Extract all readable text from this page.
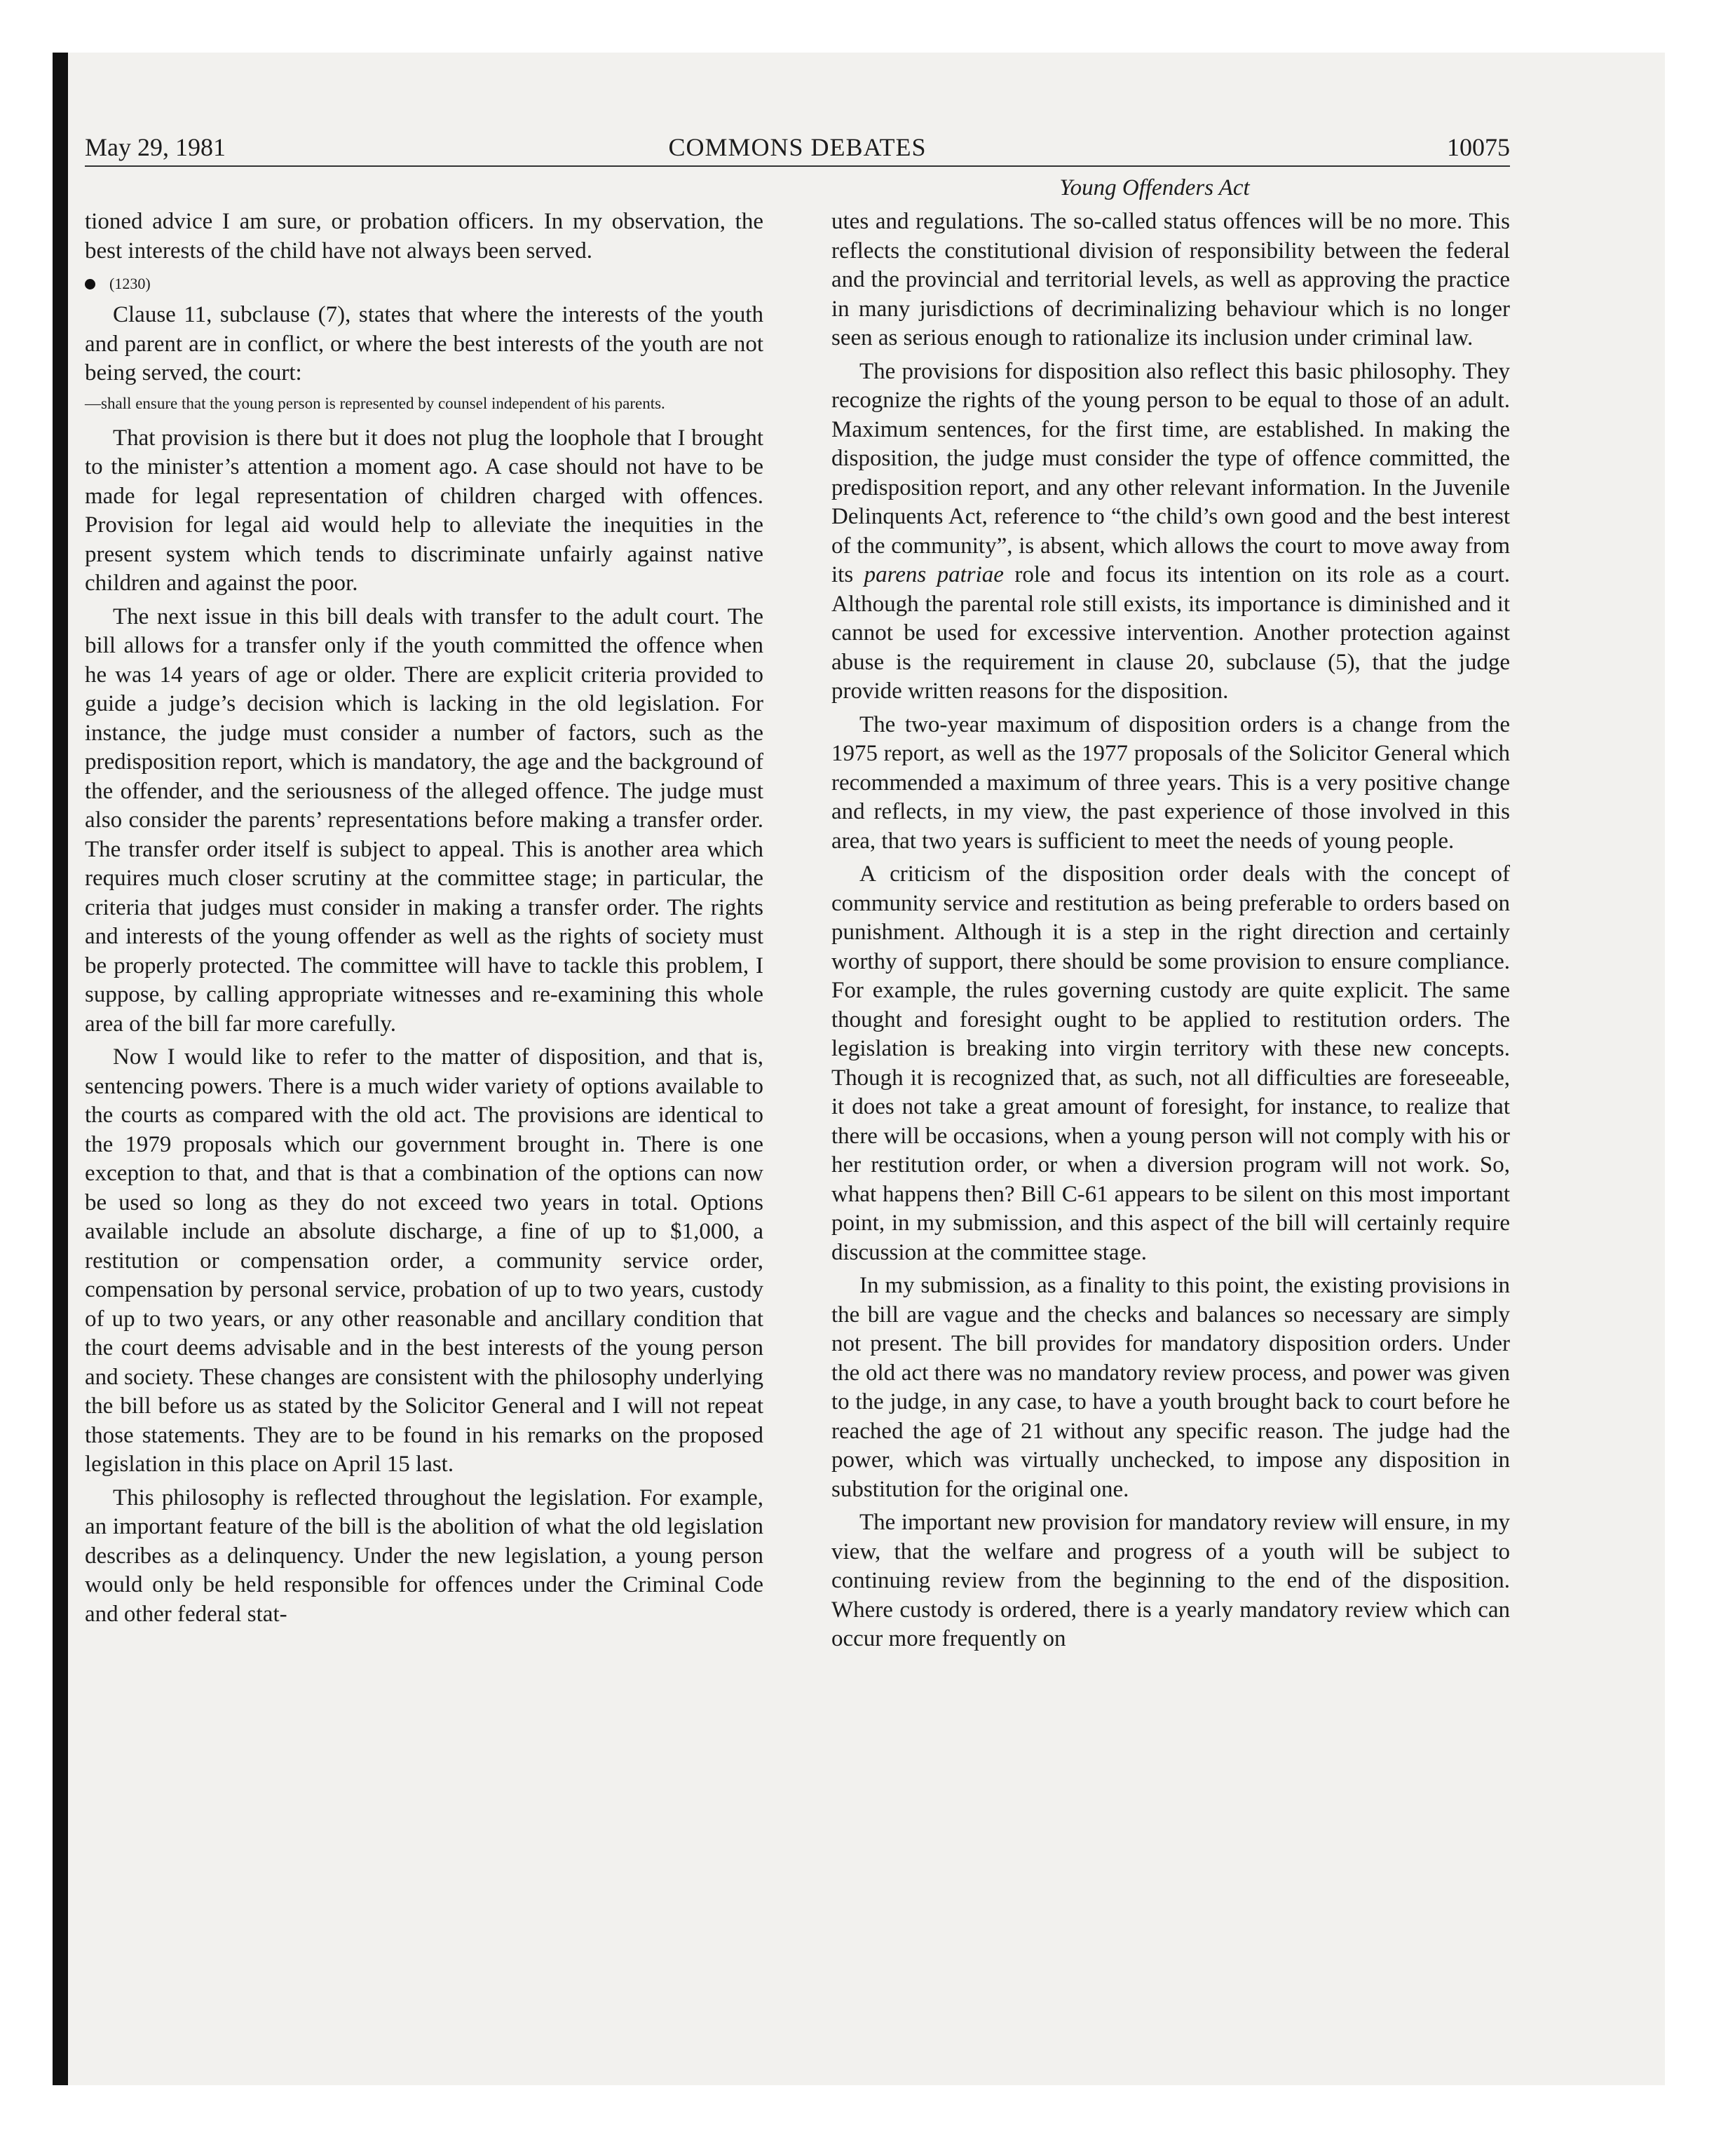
May 29, 1981	COMMONS DEBATES	10075
Young Offenders Act

tioned advice I am sure, or probation officers. In my observation, the best interests of the child have not always been served.

(1230)

Clause 11, subclause (7), states that where the interests of the youth and parent are in conflict, or where the best interests of the youth are not being served, the court:

—shall ensure that the young person is represented by counsel independent of his parents.

That provision is there but it does not plug the loophole that I brought to the minister’s attention a moment ago. A case should not have to be made for legal representation of children charged with offences. Provision for legal aid would help to alleviate the inequities in the present system which tends to discriminate unfairly against native children and against the poor.

The next issue in this bill deals with transfer to the adult court. The bill allows for a transfer only if the youth committed the offence when he was 14 years of age or older. There are explicit criteria provided to guide a judge’s decision which is lacking in the old legislation. For instance, the judge must consider a number of factors, such as the predisposition report, which is mandatory, the age and the background of the offender, and the seriousness of the alleged offence. The judge must also consider the parents’ representations before making a transfer order. The transfer order itself is subject to appeal. This is another area which requires much closer scrutiny at the committee stage; in particular, the criteria that judges must consider in making a transfer order. The rights and interests of the young offender as well as the rights of society must be properly protected. The committee will have to tackle this problem, I suppose, by calling appropriate witnesses and re-examining this whole area of the bill far more carefully.

Now I would like to refer to the matter of disposition, and that is, sentencing powers. There is a much wider variety of options available to the courts as compared with the old act. The provisions are identical to the 1979 proposals which our government brought in. There is one exception to that, and that is that a combination of the options can now be used so long as they do not exceed two years in total. Options available include an absolute discharge, a fine of up to $1,000, a restitution or compensation order, a community service order, compensation by personal service, probation of up to two years, custody of up to two years, or any other reasonable and ancillary condition that the court deems advisable and in the best interests of the young person and society. These changes are consistent with the philosophy underlying the bill before us as stated by the Solicitor General and I will not repeat those statements. They are to be found in his remarks on the proposed legislation in this place on April 15 last.

This philosophy is reflected throughout the legislation. For example, an important feature of the bill is the abolition of what the old legislation describes as a delinquency. Under the new legislation, a young person would only be held responsible for offences under the Criminal Code and other federal stat-

utes and regulations. The so-called status offences will be no more. This reflects the constitutional division of responsibility between the federal and the provincial and territorial levels, as well as approving the practice in many jurisdictions of decriminalizing behaviour which is no longer seen as serious enough to rationalize its inclusion under criminal law.

The provisions for disposition also reflect this basic philosophy. They recognize the rights of the young person to be equal to those of an adult. Maximum sentences, for the first time, are established. In making the disposition, the judge must consider the type of offence committed, the predisposition report, and any other relevant information. In the Juvenile Delinquents Act, reference to “the child’s own good and the best interest of the community”, is absent, which allows the court to move away from its parens patriae role and focus its intention on its role as a court. Although the parental role still exists, its importance is diminished and it cannot be used for excessive intervention. Another protection against abuse is the requirement in clause 20, subclause (5), that the judge provide written reasons for the disposition.

The two-year maximum of disposition orders is a change from the 1975 report, as well as the 1977 proposals of the Solicitor General which recommended a maximum of three years. This is a very positive change and reflects, in my view, the past experience of those involved in this area, that two years is sufficient to meet the needs of young people.

A criticism of the disposition order deals with the concept of community service and restitution as being preferable to orders based on punishment. Although it is a step in the right direction and certainly worthy of support, there should be some provision to ensure compliance. For example, the rules governing custody are quite explicit. The same thought and foresight ought to be applied to restitution orders. The legislation is breaking into virgin territory with these new concepts. Though it is recognized that, as such, not all difficulties are foreseeable, it does not take a great amount of foresight, for instance, to realize that there will be occasions, when a young person will not comply with his or her restitution order, or when a diversion program will not work. So, what happens then? Bill C-61 appears to be silent on this most important point, in my submission, and this aspect of the bill will certainly require discussion at the committee stage.

In my submission, as a finality to this point, the existing provisions in the bill are vague and the checks and balances so necessary are simply not present. The bill provides for mandatory disposition orders. Under the old act there was no mandatory review process, and power was given to the judge, in any case, to have a youth brought back to court before he reached the age of 21 without any specific reason. The judge had the power, which was virtually unchecked, to impose any disposition in substitution for the original one.

The important new provision for mandatory review will ensure, in my view, that the welfare and progress of a youth will be subject to continuing review from the beginning to the end of the disposition. Where custody is ordered, there is a yearly mandatory review which can occur more frequently on
